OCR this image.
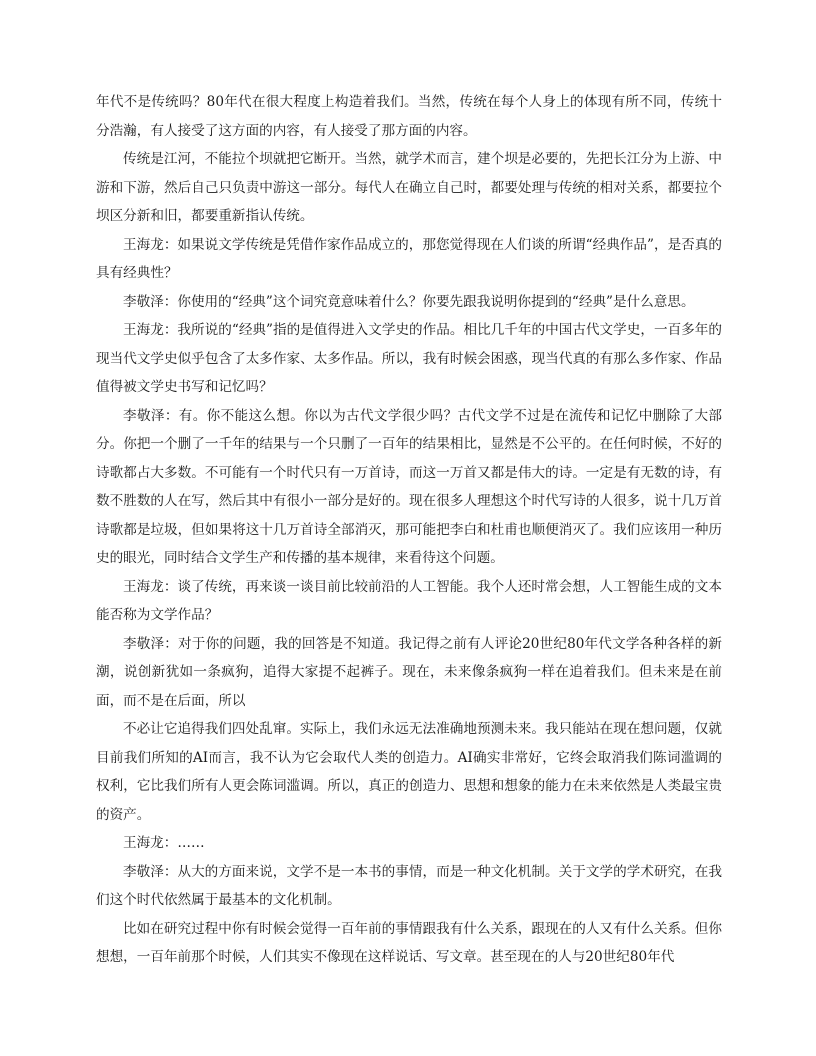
年代不是传统吗？80年代在很大程度上构造着我们。当然，传统在每个人身上的体现有所不同，传统十分浩瀚，有人接受了这方面的内容，有人接受了那方面的内容。

传统是江河，不能拉个坝就把它断开。当然，就学术而言，建个坝是必要的，先把长江分为上游、中游和下游，然后自己只负责中游这一部分。每代人在确立自己时，都要处理与传统的相对关系，都要拉个坝区分新和旧，都要重新指认传统。

王海龙：如果说文学传统是凭借作家作品成立的，那您觉得现在人们谈的所谓“经典作品”，是否真的具有经典性？

李敬泽：你使用的“经典”这个词究竟意味着什么？你要先跟我说明你提到的“经典”是什么意思。

王海龙：我所说的“经典”指的是值得进入文学史的作品。相比几千年的中国古代文学史，一百多年的现当代文学史似乎包含了太多作家、太多作品。所以，我有时候会困惑，现当代真的有那么多作家、作品值得被文学史书写和记忆吗？

李敬泽：有。你不能这么想。你以为古代文学很少吗？古代文学不过是在流传和记忆中删除了大部分。你把一个删了一千年的结果与一个只删了一百年的结果相比，显然是不公平的。在任何时候，不好的诗歌都占大多数。不可能有一个时代只有一万首诗，而这一万首又都是伟大的诗。一定是有无数的诗，有数不胜数的人在写，然后其中有很小一部分是好的。现在很多人理想这个时代写诗的人很多，说十几万首诗歌都是垃圾，但如果将这十几万首诗全部消灭，那可能把李白和杜甫也顺便消灭了。我们应该用一种历史的眼光，同时结合文学生产和传播的基本规律，来看待这个问题。

王海龙：谈了传统，再来谈一谈目前比较前沿的人工智能。我个人还时常会想，人工智能生成的文本能否称为文学作品？

李敬泽：对于你的问题，我的回答是不知道。我记得之前有人评论20世纪80年代文学各种各样的新潮，说创新犹如一条疯狗，追得大家提不起裤子。现在，未来像条疯狗一样在追着我们。但未来是在前面，而不是在后面，所以

不必让它追得我们四处乱窜。实际上，我们永远无法准确地预测未来。我只能站在现在想问题，仅就目前我们所知的AI而言，我不认为它会取代人类的创造力。AI确实非常好，它终会取消我们陈词滥调的权利，它比我们所有人更会陈词滥调。所以，真正的创造力、思想和想象的能力在未来依然是人类最宝贵的资产。

王海龙：……

李敬泽：从大的方面来说，文学不是一本书的事情，而是一种文化机制。关于文学的学术研究，在我们这个时代依然属于最基本的文化机制。

比如在研究过程中你有时候会觉得一百年前的事情跟我有什么关系，跟现在的人又有什么关系。但你想想，一百年前那个时候，人们其实不像现在这样说话、写文章。甚至现在的人与20世纪80年代
